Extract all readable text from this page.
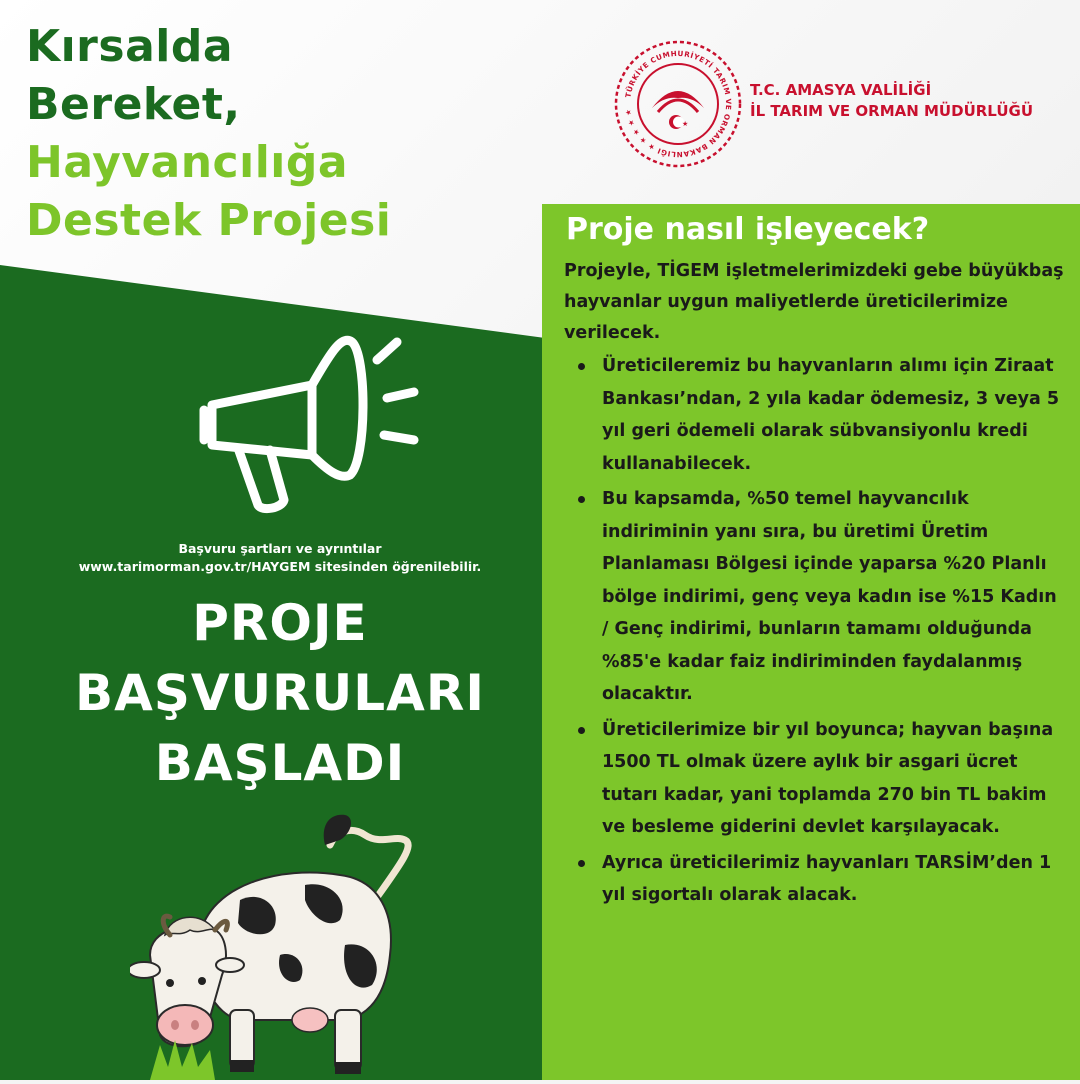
Kırsalda
Bereket,
Hayvancılığa
Destek Projesi
TÜRKİYE CUMHURİYETİ TARIM VE ORMAN BAKANLIĞI ★ ★ ★ ★ ★
★
T.C. AMASYA VALİLİĞİ
İL TARIM VE ORMAN MÜDÜRLÜĞÜ
Başvuru şartları ve ayrıntılar
www.tarimorman.gov.tr/HAYGEM sitesinden öğrenilebilir.
PROJE
BAŞVURULARI
BAŞLADI
Proje nasıl işleyecek?
Projeyle, TİGEM işletmelerimizdeki gebe büyükbaş hayvanlar uygun maliyetlerde üreticilerimize verilecek.
Üreticileremiz bu hayvanların alımı için Ziraat Bankası’ndan, 2 yıla kadar ödemesiz, 3 veya 5 yıl geri ödemeli olarak sübvansiyonlu kredi kullanabilecek.
Bu kapsamda, %50 temel hayvancılık indiriminin yanı sıra, bu üretimi Üretim Planlaması Bölgesi içinde yaparsa %20 Planlı bölge indirimi, genç veya kadın ise %15 Kadın / Genç indirimi, bunların tamamı olduğunda %85'e kadar faiz indiriminden faydalanmış olacaktır.
Üreticilerimize bir yıl boyunca; hayvan başına 1500 TL olmak üzere aylık bir asgari ücret tutarı kadar, yani toplamda 270 bin TL bakim ve besleme giderini devlet karşılayacak.
Ayrıca üreticilerimiz hayvanları TARSİM’den 1 yıl sigortalı olarak alacak.
